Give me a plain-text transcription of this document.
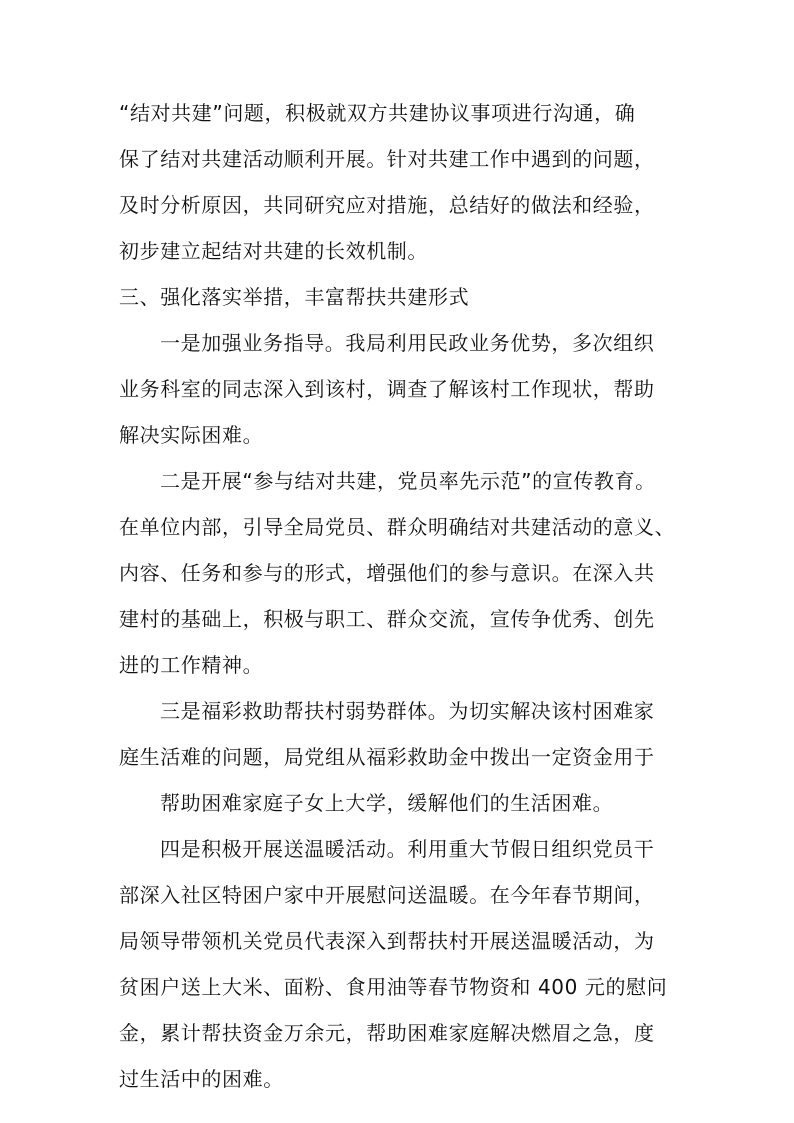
“结对共建”问题，积极就双方共建协议事项进行沟通，确
保了结对共建活动顺利开展。针对共建工作中遇到的问题，
及时分析原因，共同研究应对措施，总结好的做法和经验，
初步建立起结对共建的长效机制。
三、强化落实举措，丰富帮扶共建形式
一是加强业务指导。我局利用民政业务优势，多次组织
业务科室的同志深入到该村，调查了解该村工作现状，帮助
解决实际困难。
二是开展“参与结对共建，党员率先示范”的宣传教育。
在单位内部，引导全局党员、群众明确结对共建活动的意义、
内容、任务和参与的形式，增强他们的参与意识。在深入共
建村的基础上，积极与职工、群众交流，宣传争优秀、创先
进的工作精神。
三是福彩救助帮扶村弱势群体。为切实解决该村困难家
庭生活难的问题，局党组从福彩救助金中拨出一定资金用于
帮助困难家庭子女上大学，缓解他们的生活困难。
四是积极开展送温暖活动。利用重大节假日组织党员干
部深入社区特困户家中开展慰问送温暖。在今年春节期间，
局领导带领机关党员代表深入到帮扶村开展送温暖活动，为
贫困户送上大米、面粉、食用油等春节物资和 400 元的慰问
金，累计帮扶资金万余元，帮助困难家庭解决燃眉之急，度
过生活中的困难。
